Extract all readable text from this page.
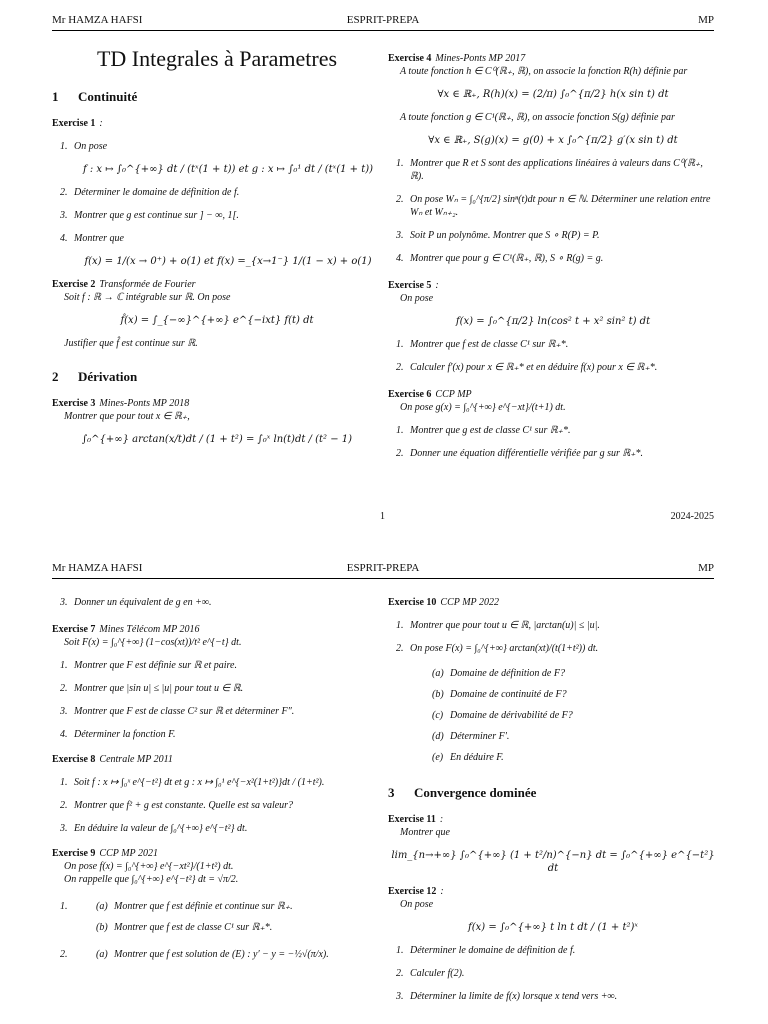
Mr HAMZA HAFSI	ESPRIT-PREPA	MP
TD Integrales à Parametres
1 Continuité
Exercise 1 :
1. On pose
f : x ↦ ∫₀^{+∞} dt / (tˣ(1 + t)) et g : x ↦ ∫₀¹ dt / (tˣ(1 + t))
2. Déterminer le domaine de définition de f.
3. Montrer que g est continue sur ] − ∞, 1[.
4. Montrer que
f(x) = 1/(x → 0⁺) + o(1) et f(x) =_{x→1⁻} 1/(1 − x) + o(1)
Exercise 2 Transformée de Fourier
Soit f : ℝ → ℂ intégrable sur ℝ. On pose
f̂(x) = ∫_{−∞}^{+∞} e^{−ixt} f(t) dt
Justifier que f̂ est continue sur ℝ.
2 Dérivation
Exercise 3 Mines-Ponts MP 2018
Montrer que pour tout x ∈ ℝ₊,
∫₀^{+∞} arctan(x/t)dt / (1 + t²) = ∫₀ˣ ln(t)dt / (t² − 1)
Exercise 4 Mines-Ponts MP 2017
A toute fonction h ∈ C⁰(ℝ₊, ℝ), on associe la fonction R(h) définie par
∀x ∈ ℝ₊, R(h)(x) = (2/π) ∫₀^{π/2} h(x sin t) dt
A toute fonction g ∈ C¹(ℝ₊, ℝ), on associe fonction S(g) définie par
∀x ∈ ℝ₊, S(g)(x) = g(0) + x ∫₀^{π/2} g′(x sin t) dt
1. Montrer que R et S sont des applications linéaires à valeurs dans C⁰(ℝ₊, ℝ).
2. On pose Wₙ = ∫₀^{π/2} sinⁿ(t)dt pour n ∈ ℕ. Déterminer une relation entre Wₙ et Wₙ₊₂.
3. Soit P un polynôme. Montrer que S ∘ R(P) = P.
4. Montrer que pour g ∈ C¹(ℝ₊, ℝ), S ∘ R(g) = g.
Exercise 5 :
On pose
f(x) = ∫₀^{π/2} ln(cos² t + x² sin² t) dt
1. Montrer que f est de classe C¹ sur ℝ₊*.
2. Calculer f′(x) pour x ∈ ℝ₊* et en déduire f(x) pour x ∈ ℝ₊*.
Exercise 6 CCP MP
On pose g(x) = ∫₀^{+∞} e^{−xt}/(t+1) dt.
1. Montrer que g est de classe C¹ sur ℝ₊*.
2. Donner une équation différentielle vérifiée par g sur ℝ₊*.
1	2024-2025
Mr HAMZA HAFSI	ESPRIT-PREPA	MP
3. Donner un équivalent de g en +∞.
Exercise 7 Mines Télécom MP 2016
Soit F(x) = ∫₀^{+∞} (1−cos(xt))/t² e^{−t} dt.
1. Montrer que F est définie sur ℝ et paire.
2. Montrer que |sin u| ≤ |u| pour tout u ∈ ℝ.
3. Montrer que F est de classe C² sur ℝ et déterminer F″.
4. Déterminer la fonction F.
Exercise 8 Centrale MP 2011
1. Soit f : x ↦ ∫₀ˣ e^{−t²} dt et g : x ↦ ∫₀¹ e^{−x²(1+t²)}dt / (1+t²).
2. Montrer que f² + g est constante. Quelle est sa valeur?
3. En déduire la valeur de ∫₀^{+∞} e^{−t²} dt.
Exercise 9 CCP MP 2021
On pose f(x) = ∫₀^{+∞} e^{−xt²}/(1+t²) dt.
On rappelle que ∫₀^{+∞} e^{−t²} dt = √π/2.
1.	(a) Montrer que f est définie et continue sur ℝ₊.
(b) Montrer que f est de classe C¹ sur ℝ₊*.
2.	(a) Montrer que f est solution de (E) : y′ − y = −½√(π/x).
Exercise 10 CCP MP 2022
1. Montrer que pour tout u ∈ ℝ, |arctan(u)| ≤ |u|.
2. On pose F(x) = ∫₀^{+∞} arctan(xt)/(t(1+t²)) dt.
(a) Domaine de définition de F?
(b) Domaine de continuité de F?
(c) Domaine de dérivabilité de F?
(d) Déterminer F′.
(e) En déduire F.
3 Convergence dominée
Exercise 11 :
Montrer que
lim_{n→+∞} ∫₀^{+∞} (1 + t²/n)^{−n} dt = ∫₀^{+∞} e^{−t²} dt
Exercise 12 :
On pose
f(x) = ∫₀^{+∞} t ln t dt / (1 + t²)ˣ
1. Déterminer le domaine de définition de f.
2. Calculer f(2).
3. Déterminer la limite de f(x) lorsque x tend vers +∞.
